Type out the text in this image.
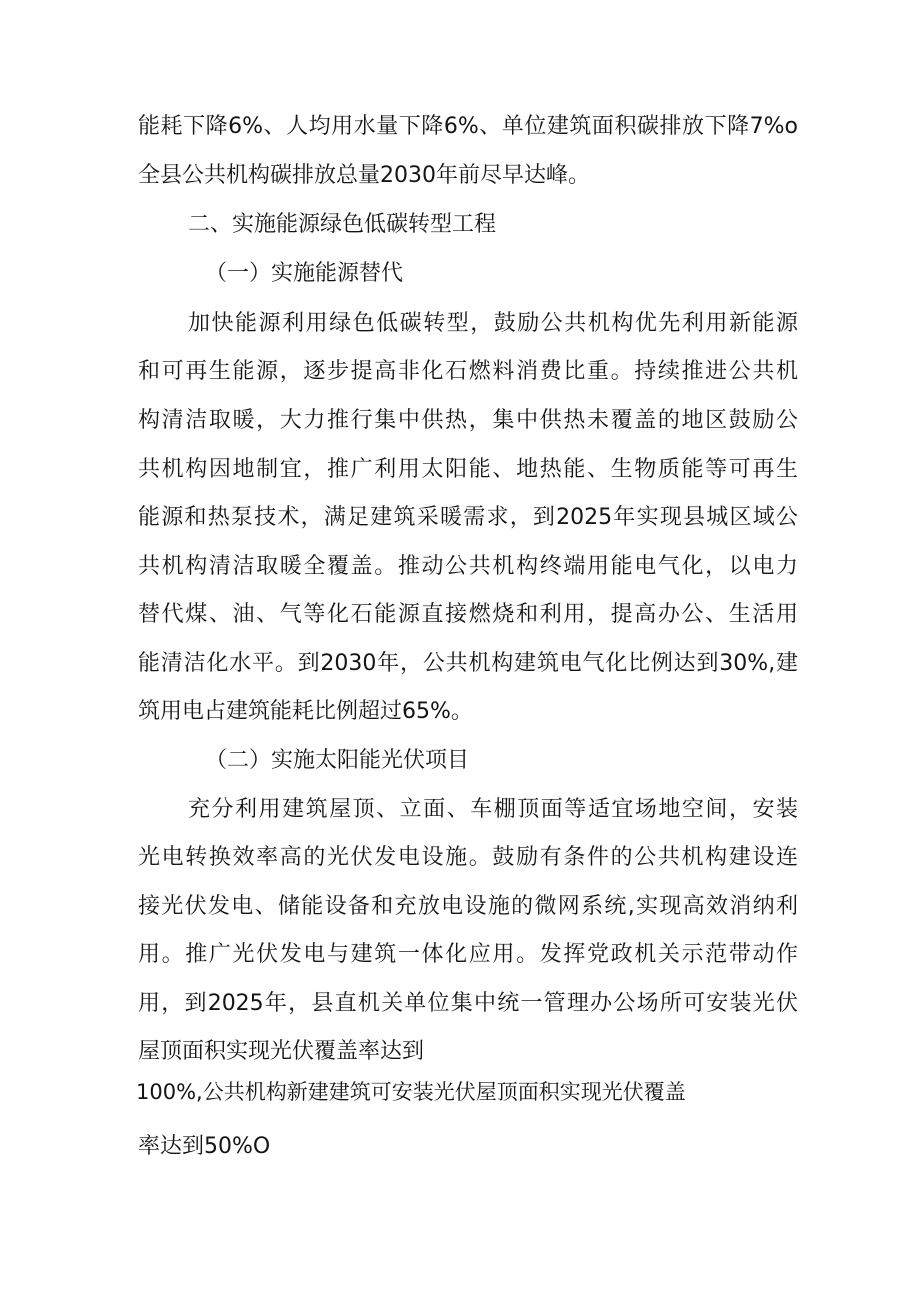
能耗下降6%、人均用水量下降6%、单位建筑面积碳排放下降7%o
全县公共机构碳排放总量2030年前尽早达峰。
二、实施能源绿色低碳转型工程
（一）实施能源替代
加快能源利用绿色低碳转型，鼓励公共机构优先利用新能源
和可再生能源，逐步提高非化石燃料消费比重。持续推进公共机
构清洁取暖，大力推行集中供热，集中供热未覆盖的地区鼓励公
共机构因地制宜，推广利用太阳能、地热能、生物质能等可再生
能源和热泵技术，满足建筑采暖需求，到2025年实现县城区域公
共机构清洁取暖全覆盖。推动公共机构终端用能电气化，以电力
替代煤、油、气等化石能源直接燃烧和利用，提高办公、生活用
能清洁化水平。到2030年，公共机构建筑电气化比例达到30%,建
筑用电占建筑能耗比例超过65%。
（二）实施太阳能光伏项目
充分利用建筑屋顶、立面、车棚顶面等适宜场地空间，安装
光电转换效率高的光伏发电设施。鼓励有条件的公共机构建设连
接光伏发电、储能设备和充放电设施的微网系统,实现高效消纳利
用。推广光伏发电与建筑一体化应用。发挥党政机关示范带动作
用，到2025年，县直机关单位集中统一管理办公场所可安装光伏
屋顶面积实现光伏覆盖率达到
100%,公共机构新建建筑可安装光伏屋顶面积实现光伏覆盖
率达到50%O
